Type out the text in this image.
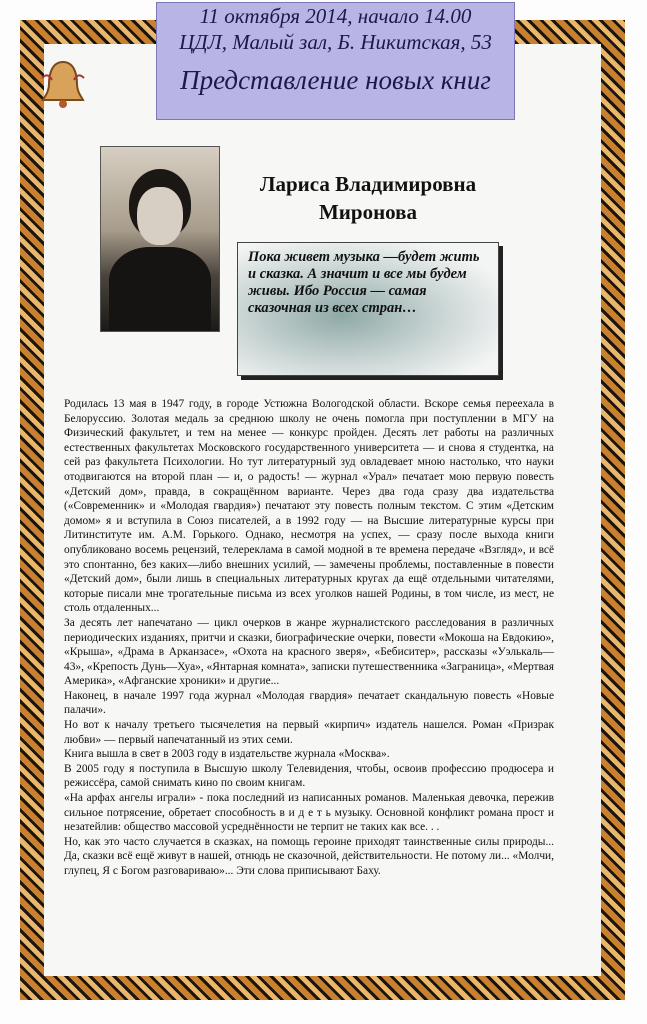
11 октября 2014, начало 14.00
ЦДЛ, Малый зал, Б. Никитская, 53
Представление новых книг
Лариса Владимировна
Миронова

Пока живет музыка —будет жить и сказка. А значит и все мы будем живы. Ибо Россия — самая сказочная из всех стран…

Родилась 13 мая в 1947 году, в городе Устюжна Вологодской области. Вскоре семья переехала в Белоруссию. Золотая медаль за среднюю школу не очень помогла при поступлении в МГУ на Физический факультет, и тем на менее — конкурс пройден. Десять лет работы на различных естественных факультетах Московского государственного университета — и снова я студентка, на сей раз факультета Психологии. Но тут литературный зуд овладевает мною настолько, что науки отодвигаются на второй план — и, о радость! — журнал «Урал» печатает мою первую повесть «Детский дом», правда, в сокращённом варианте. Через два года сразу два издательства («Современник» и «Молодая гвардия») печатают эту повесть полным текстом. С этим «Детским домом» я и вступила в Союз писателей, а в 1992 году — на Высшие литературные курсы при Литинституте им. А.М. Горького. Однако, несмотря на успех, — сразу после выхода книги опубликовано восемь рецензий, телереклама в самой модной в те времена передаче «Взгляд», и всё это спонтанно, без каких—либо внешних усилий, — замечены проблемы, поставленные в повести «Детский дом», были лишь в специальных литературных кругах да ещё отдельными читателями, которые писали мне трогательные письма из всех уголков нашей Родины, в том числе, из мест, не столь отдаленных...

За десять лет напечатано — цикл очерков в жанре журналистского расследования в различных периодических изданиях, притчи и сказки, биографические очерки, повести «Мокоша на Евдокию», «Крыша», «Драма в Арканзасе», «Охота на красного зверя», «Бебиситер», рассказы «Уэлькаль—43», «Крепость Дунь—Хуа», «Янтарная комната», записки путешественника «Заграница», «Мертвая Америка», «Афганские хроники» и другие...

Наконец, в начале 1997 года журнал «Молодая гвардия» печатает скандальную повесть «Новые палачи».

Но вот к началу третьего тысячелетия на первый «кирпич» издатель нашелся. Роман «Призрак любви» — первый напечатанный из этих семи.

Книга вышла в свет в 2003 году в издательстве журнала «Москва».

В 2005 году я поступила в Высшую школу Телевидения, чтобы, освоив профессию продюсера и режиссёра, самой снимать кино по своим книгам.

«На арфах ангелы играли» - пока последний из написанных романов. Маленькая девочка, пережив сильное потрясение, обретает способность в и д е т ь музыку. Основной конфликт романа прост и незатейлив: общество массовой усреднённости не терпит не таких как все. . .

Но, как это часто случается в сказках, на помощь героине приходят таинственные силы природы... Да, сказки всё ещё живут в нашей, отнюдь не сказочной, действительности. Не потому ли... «Молчи, глупец, Я с Богом разговариваю»... Эти слова приписывают Баху.
